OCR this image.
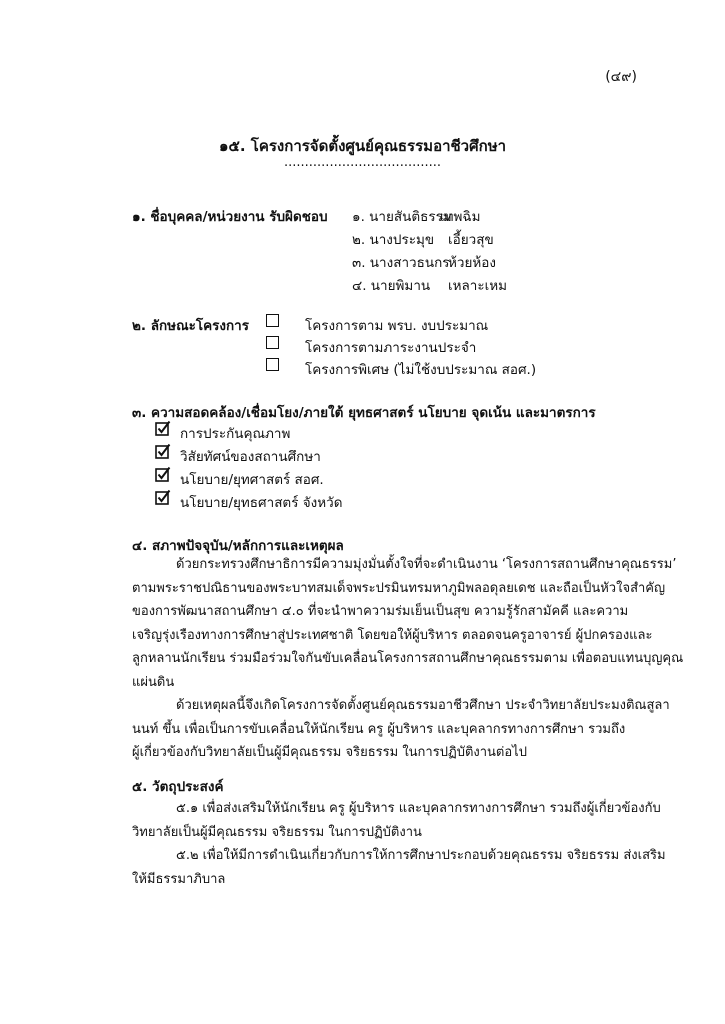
(๔๙)
๑๕. โครงการจัดตั้งศูนย์คุณธรรมอาชีวศึกษา
......................................
๑. ชื่อบุคคล/หน่วยงาน รับผิดชอบ ๑. นายสันติธรรม
เทพฉิม
๒. นางประมุข เอี้ยวสุข
๓. นางสาวธนกร
ห้วยห้อง
๔. นายพิมาน เหลาะเหม
๒. ลักษณะโครงการ	โครงการตาม พรบ. งบประมาณ
โครงการตามภาระงานประจำ
โครงการพิเศษ (ไม่ใช้งบประมาณ สอศ.)
๓. ความสอดคล้อง/เชื่อมโยง/ภายใต้ ยุทธศาสตร์ นโยบาย จุดเน้น และมาตรการ
การประกันคุณภาพ
วิสัยทัศน์ของสถานศึกษา
นโยบาย/ยุทศาสตร์ สอศ.
นโยบาย/ยุทธศาสตร์ จังหวัด
๔. สภาพปัจจุบัน/หลักการและเหตุผล

ด้วยกระทรวงศึกษาธิการมีความมุ่งมั่นตั้งใจที่จะดำเนินงาน ‘โครงการสถานศึกษาคุณธรรม’

ตามพระราชปณิธานของพระบาทสมเด็จพระปรมินทรมหาภูมิพลอดุลยเดช และถือเป็นหัวใจสำคัญ

ของการพัฒนาสถานศึกษา ๔.๐ ที่จะนำพาความร่มเย็นเป็นสุข ความรู้รักสามัคคี และความ

เจริญรุ่งเรืองทางการศึกษาสู่ประเทศชาติ โดยขอให้ผู้บริหาร ตลอดจนครูอาจารย์ ผู้ปกครองและ

ลูกหลานนักเรียน ร่วมมือร่วมใจกันขับเคลื่อนโครงการสถานศึกษาคุณธรรมตาม เพื่อตอบแทนบุญคุณ

แผ่นดิน

ด้วยเหตุผลนี้จึงเกิดโครงการจัดตั้งศูนย์คุณธรรมอาชีวศึกษา ประจำวิทยาลัยประมงติณสูลา

นนท์ ขึ้น เพื่อเป็นการขับเคลื่อนให้นักเรียน ครู ผู้บริหาร และบุคลากรทางการศึกษา รวมถึง

ผู้เกี่ยวข้องกับวิทยาลัยเป็นผู้มีคุณธรรม จริยธรรม ในการปฏิบัติงานต่อไป

๕. วัตถุประสงค์

๕.๑ เพื่อส่งเสริมให้นักเรียน ครู ผู้บริหาร และบุคลากรทางการศึกษา รวมถึงผู้เกี่ยวข้องกับ

วิทยาลัยเป็นผู้มีคุณธรรม จริยธรรม ในการปฏิบัติงาน

๕.๒ เพื่อให้มีการดำเนินเกี่ยวกับการให้การศึกษาประกอบด้วยคุณธรรม จริยธรรม ส่งเสริม

ให้มีธรรมาภิบาล
